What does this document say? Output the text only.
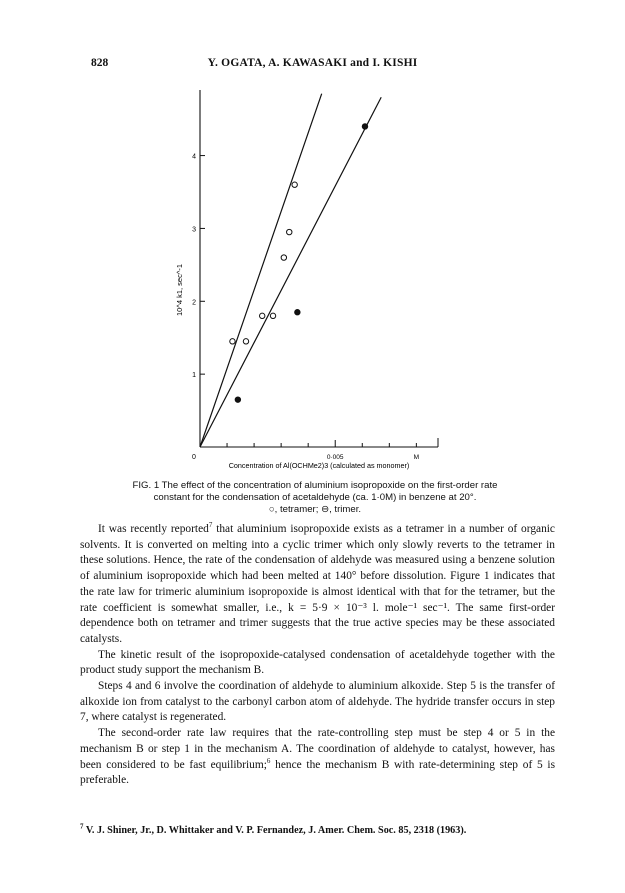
828	Y. OGATA, A. KAWASAKI and I. KISHI
1
2
3
4
0	0·005	M
Concentration of Al(OCHMe2)3 (calculated as monomer)
10^4 k1, sec^-1
FIG. 1 The effect of the concentration of aluminium isopropoxide on the first-order rate
constant for the condensation of acetaldehyde (ca. 1·0M) in benzene at 20°.
○, tetramer; ⊖, trimer.

It was recently reported$^7$ that aluminium isopropoxide exists as a tetramer in a number of organic solvents. It is converted on melting into a cyclic trimer which only slowly reverts to the tetramer in these solutions. Hence, the rate of the condensation of aldehyde was measured using a benzene solution of aluminium isopropoxide which had been melted at 140° before dissolution. Figure 1 indicates that the rate law for trimeric aluminium isopropoxide is almost identical with that for the tetramer, but the rate coefficient is somewhat smaller, i.e., k = 5·9 × 10⁻³ l. mole⁻¹ sec⁻¹. The same first-order dependence both on tetramer and trimer suggests that the true active species may be these associated catalysts.

The kinetic result of the isopropoxide-catalysed condensation of acetaldehyde together with the product study support the mechanism B.

Steps 4 and 6 involve the coordination of aldehyde to aluminium alkoxide. Step 5 is the transfer of alkoxide ion from catalyst to the carbonyl carbon atom of aldehyde. The hydride transfer occurs in step 7, where catalyst is regenerated.

The second-order rate law requires that the rate-controlling step must be step 4 or 5 in the mechanism B or step 1 in the mechanism A. The coordination of aldehyde to catalyst, however, has been considered to be fast equilibrium;$^6$ hence the mechanism B with rate-determining step of 5 is preferable.

$^7$ V. J. Shiner, Jr., D. Whittaker and V. P. Fernandez, J. Amer. Chem. Soc. 85, 2318 (1963).
